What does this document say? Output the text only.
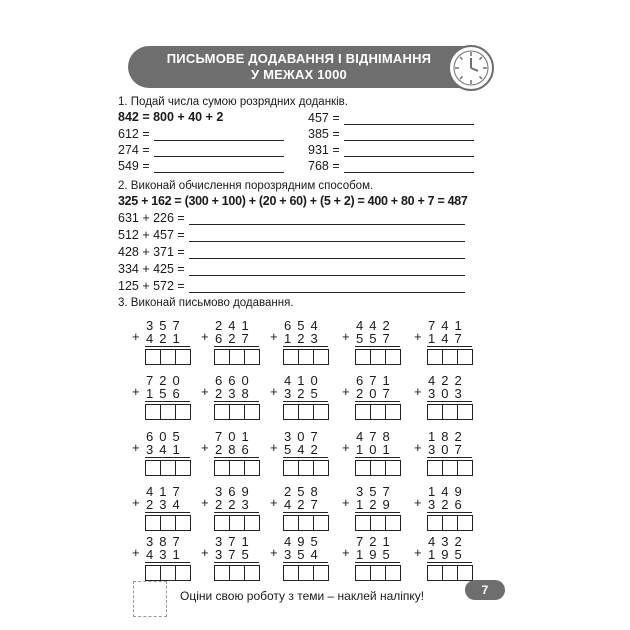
ПИСЬМОВЕ ДОДАВАННЯ І ВІДНІМАННЯ
У МЕЖАХ 1000
1. Подай числа сумою розрядних доданків.
842 = 800 + 40 + 2
612 =
274 =
549 =
457 =
385 =
931 =
768 =
2. Виконай обчислення порозрядним способом.
325 + 162 = (300 + 100) + (20 + 60) + (5 + 2) = 400 + 80 + 7 = 487
631 + 226 =
512 + 457 =
428 + 371 =
334 + 425 =
125 + 572 =
3. Виконай письмово додавання.
+
357
421 +
241
627 +
654
123 +
442
557 +
741
147
+
720
156 +
660
238 +
410
325 +
671
207 +
422
303
+
605
341 +
701
286 +
307
542 +
478
101 +
182
307
+
417
234 +
369
223 +
258
427 +
357
129 +
149
326
+
387
431 +
371
375 +
495
354 +
721
195 +
432
195
Оціни свою роботу з теми – наклей наліпку!	7
